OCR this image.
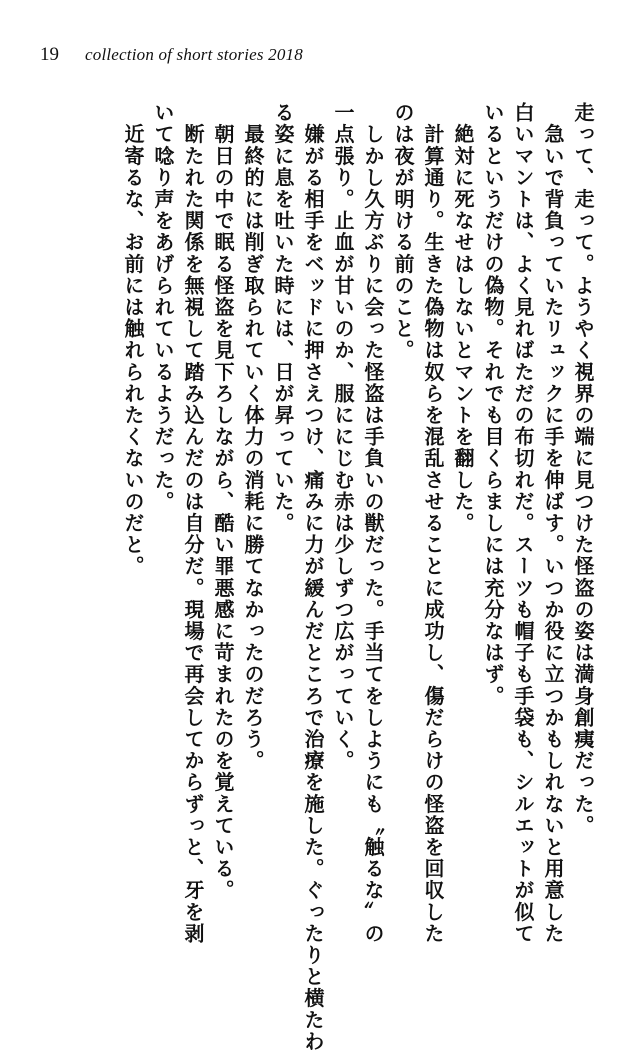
19 collection of short stories 2018
走って、走って。ようやく視界の端に見つけた怪盗の姿は満身創痍だった。
　急いで背負っていたリュックに手を伸ばす。いつか役に立つかもしれないと用意した
白いマントは、よく見ればただの布切れだ。スーツも帽子も手袋も、シルエットが似て
いるというだけの偽物。それでも目くらましには充分なはず。
　絶対に死なせはしないとマントを翻した。
　計算通り。生きた偽物は奴らを混乱させることに成功し、傷だらけの怪盗を回収した
のは夜が明ける前のこと。
　しかし久方ぶりに会った怪盗は手負いの獣だった。手当てをしようにも〝触るな〟の
一点張り。止血が甘いのか、服ににじむ赤は少しずつ広がっていく。
　嫌がる相手をベッドに押さえつけ、痛みに力が緩んだところで治療を施した。ぐったりと横たわ
る姿に息を吐いた時には、日が昇っていた。
　最終的には削ぎ取られていく体力の消耗に勝てなかったのだろう。
　朝日の中で眠る怪盗を見下ろしながら、酷い罪悪感に苛まれたのを覚えている。
　断たれた関係を無視して踏み込んだのは自分だ。現場で再会してからずっと、牙を剥
いて唸り声をあげられているようだった。
　近寄るな、お前には触れられたくないのだと。
